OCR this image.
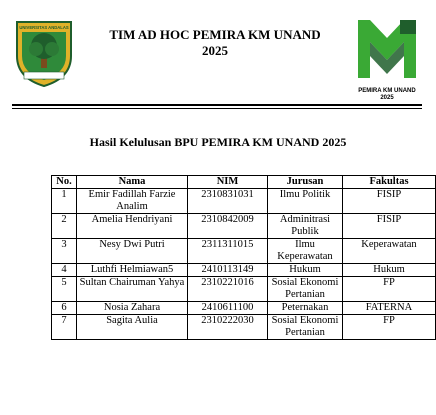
UNIVERSITAS ANDALAS	TIM AD HOC PEMIRA KM UNAND
2025
PEMIRA KM UNAND
2025
Hasil Kelulusan BPU PEMIRA KM UNAND 2025
No.	Nama	NIM	Jurusan	Fakultas
1	Emir Fadillah Farzie Analim	2310831031	Ilmu Politik	FISIP
2	Amelia Hendriyani	2310842009	Adminitrasi Publik	FISIP
3	Nesy Dwi Putri	2311311015	Ilmu Keperawatan	Keperawatan
4	Luthfi Helmiawan5	2410113149	Hukum	Hukum
5	Sultan Chairuman Yahya	2310221016	Sosial Ekonomi Pertanian	FP
6	Nosia Zahara	2410611100	Peternakan	FATERNA
7	Sagita Aulia	2310222030	Sosial Ekonomi Pertanian	FP
